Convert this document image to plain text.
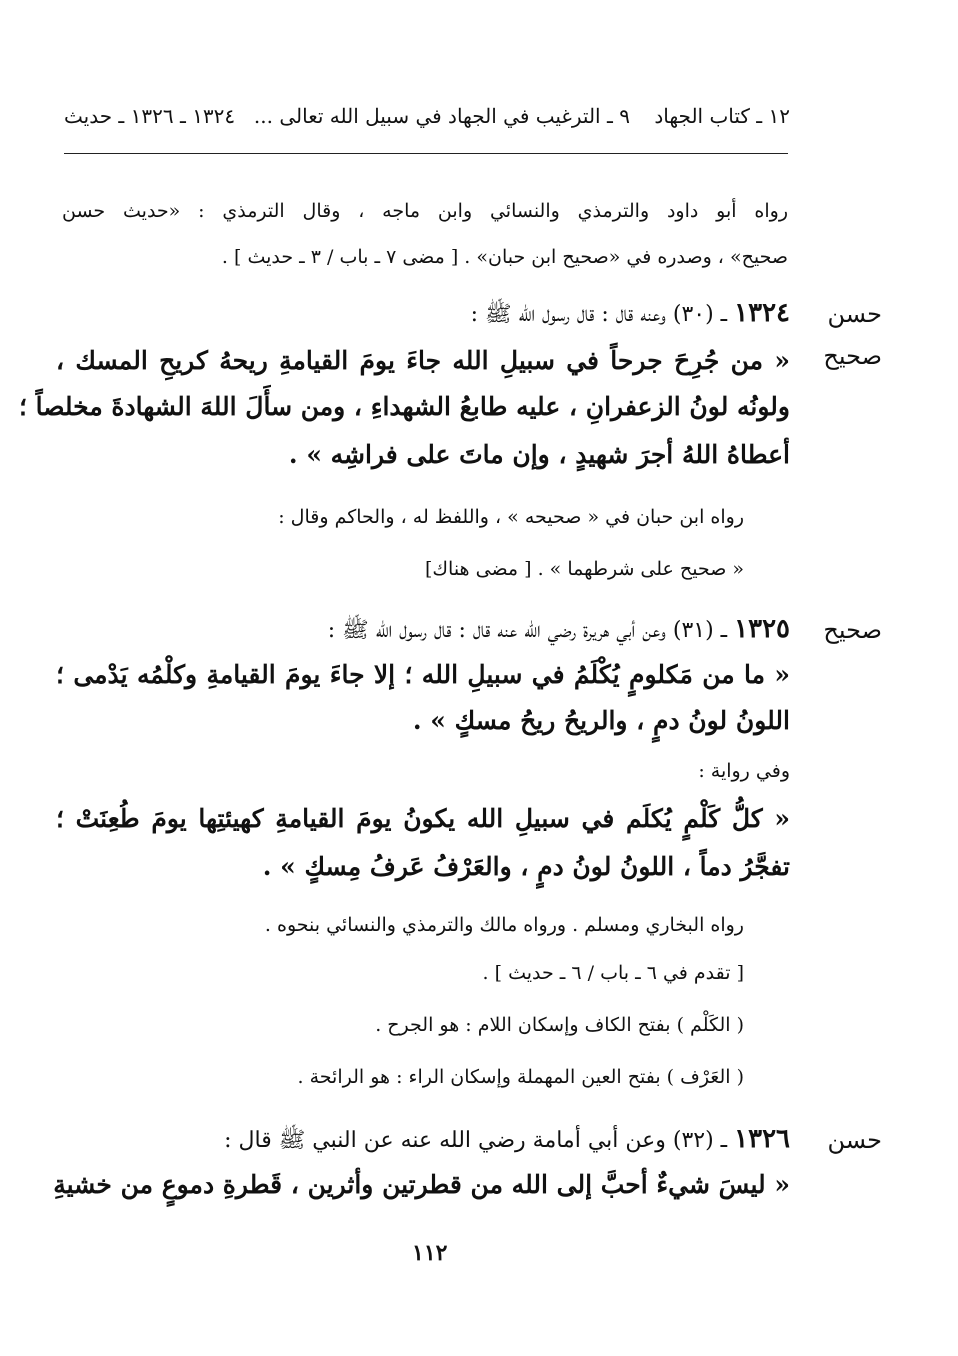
١٢ ـ كتاب الجهاد ٩ ـ الترغيب في الجهاد في سبيل الله تعالى ...
١٣٢٤ ـ ١٣٢٦ ـ حديث
رواه أبو داود والترمذي والنسائي وابن ماجه ، وقال الترمذي : «حديث حسن
صحيح» ، وصدره في «صحيح ابن حبان» . [ مضى ٧ ـ باب / ٣ ـ حديث ] .
حسن
صحيح
١٣٢٤ ـ (٣٠) وعنه قال : قال رسول الله ﷺ :
« من جُرِحَ جرحاً في سبيلِ الله جاءَ يومَ القيامةِ ريحهُ كريحِ المسك ،
ولونُه لونُ الزعفرانِ ، عليه طابعُ الشهداءِ ، ومن سأَلَ اللهَ الشهادةَ مخلصاً ؛
أعطاهُ اللهُ أجرَ شهيدٍ ، وإن ماتَ على فراشِه » .
رواه ابن حبان في « صحيحه » ، واللفظ له ، والحاكم وقال :
« صحيح على شرطهما » . [ مضى هناك]
صحيح
١٣٢٥ ـ (٣١) وعن أبي هريرة رضي الله عنه قال : قال رسول الله ﷺ :
« ما من مَكلومٍ يُكْلَمُ في سبيلِ الله ؛ إلا جاءَ يومَ القيامةِ وكلْمُه يَدْمى ؛
اللونُ لونُ دمٍ ، والريحُ ريحُ مسكٍ » .
وفي رواية :
« كلُّ كَلْمٍ يُكلَم في سبيلِ الله يكونُ يومَ القيامةِ كهيئتِها يومَ طُعِنَتْ ؛
تفجَّرُ دماً ، اللونُ لونُ دمٍ ، والعَرْفُ عَرفُ مِسكٍ » .
رواه البخاري ومسلم . ورواه مالك والترمذي والنسائي بنحوه .
[ تقدم في ٦ ـ باب / ٦ ـ حديث ] .
( الكَلْم ) بفتح الكاف وإسكان اللام : هو الجرح .
( العَرْف ) بفتح العين المهملة وإسكان الراء : هو الرائحة .
حسن
١٣٢٦ ـ (٣٢) وعن أبي أمامة رضي الله عنه عن النبي ﷺ قال :
« ليسَ شيءٌ أحبَّ إلى الله من قطرتين وأثرين ، قَطرةِ دموعٍ من خشيةِ
١١٢
